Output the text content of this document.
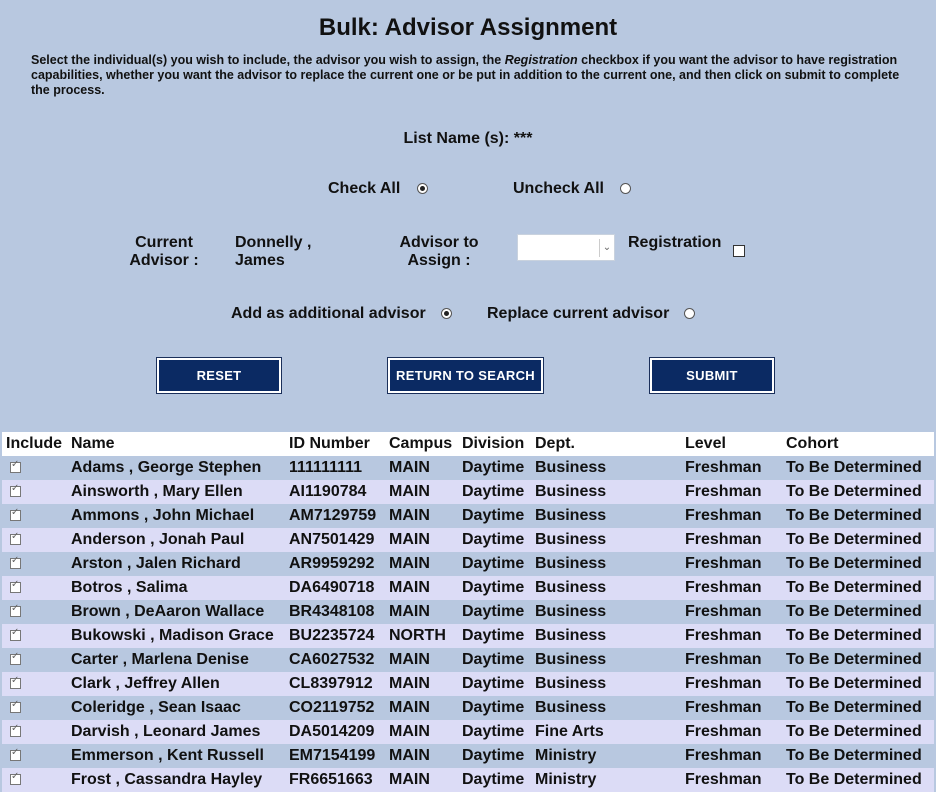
Bulk: Advisor Assignment
Select the individual(s) you wish to include, the advisor you wish to assign, the Registration checkbox if you want the advisor to have registration capabilities, whether you want the advisor to replace the current one or be put in addition to the current one, and then click on submit to complete the process.
List Name (s): ***
Check All	Uncheck All
Current
Advisor :
Donnelly ,
James
Advisor to
Assign :
⌄ Registration
Add as additional advisor	Replace current advisor
RESET	RETURN TO SEARCH	SUBMIT
Include	Name	ID Number	Campus	Division	Dept.	Level	Cohort
✓	Adams , George Stephen	111111111	MAIN	Daytime	Business	Freshman	To Be Determined
✓	Ainsworth , Mary Ellen	AI1190784	MAIN	Daytime	Business	Freshman	To Be Determined
✓	Ammons , John Michael	AM7129759	MAIN	Daytime	Business	Freshman	To Be Determined
✓	Anderson , Jonah Paul	AN7501429	MAIN	Daytime	Business	Freshman	To Be Determined
✓	Arston , Jalen Richard	AR9959292	MAIN	Daytime	Business	Freshman	To Be Determined
✓	Botros , Salima	DA6490718	MAIN	Daytime	Business	Freshman	To Be Determined
✓	Brown , DeAaron Wallace	BR4348108	MAIN	Daytime	Business	Freshman	To Be Determined
✓	Bukowski , Madison Grace	BU2235724	NORTH	Daytime	Business	Freshman	To Be Determined
✓	Carter , Marlena Denise	CA6027532	MAIN	Daytime	Business	Freshman	To Be Determined
✓	Clark , Jeffrey Allen	CL8397912	MAIN	Daytime	Business	Freshman	To Be Determined
✓	Coleridge , Sean Isaac	CO2119752	MAIN	Daytime	Business	Freshman	To Be Determined
✓	Darvish , Leonard James	DA5014209	MAIN	Daytime	Fine Arts	Freshman	To Be Determined
✓	Emmerson , Kent Russell	EM7154199	MAIN	Daytime	Ministry	Freshman	To Be Determined
✓	Frost , Cassandra Hayley	FR6651663	MAIN	Daytime	Ministry	Freshman	To Be Determined
